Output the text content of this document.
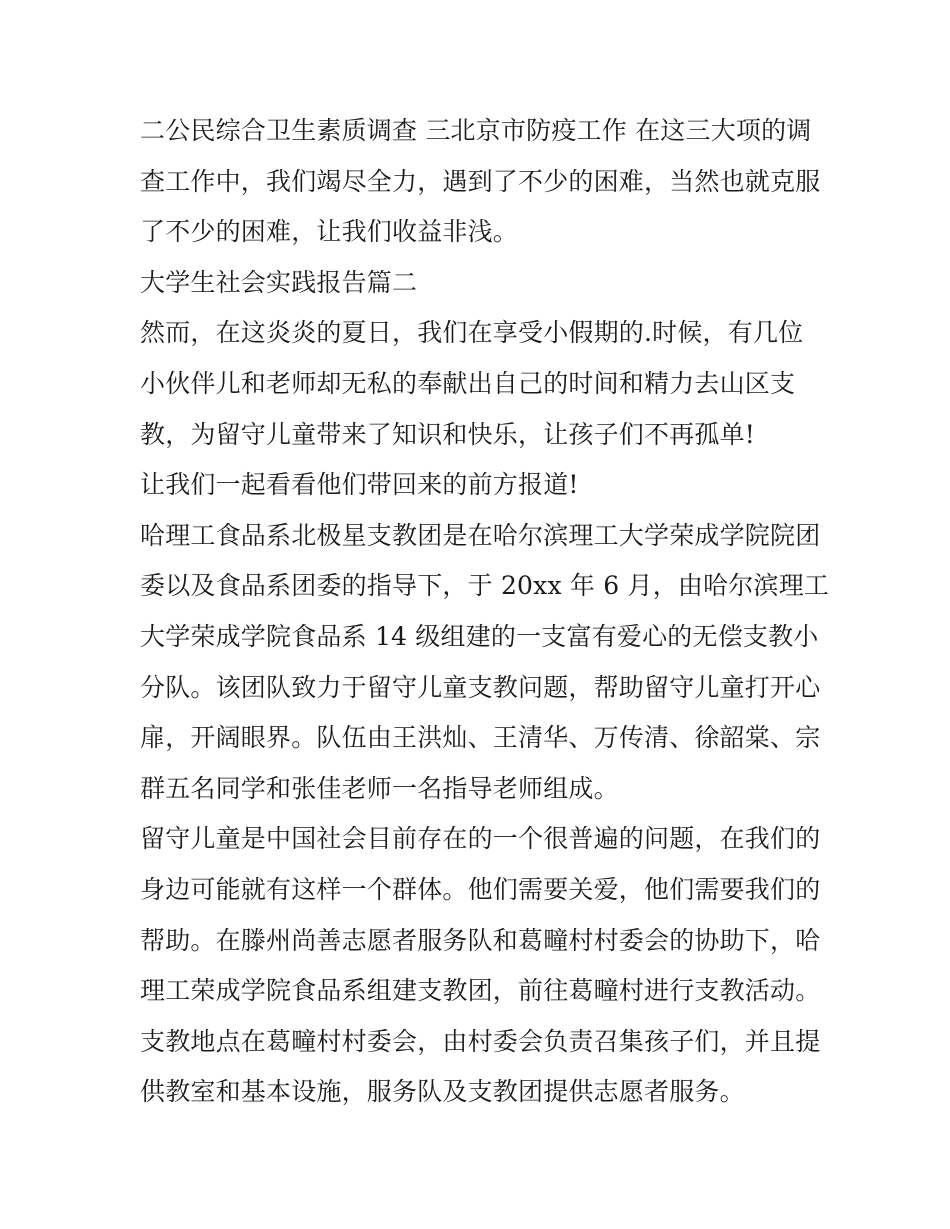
二公民综合卫生素质调查 三北京市防疫工作 在这三大项的调
查工作中，我们竭尽全力，遇到了不少的困难，当然也就克服
了不少的困难，让我们收益非浅。
大学生社会实践报告篇二
然而，在这炎炎的夏日，我们在享受小假期的.时候，有几位
小伙伴儿和老师却无私的奉献出自己的时间和精力去山区支
教，为留守儿童带来了知识和快乐，让孩子们不再孤单!
让我们一起看看他们带回来的前方报道!
哈理工食品系北极星支教团是在哈尔滨理工大学荣成学院院团
委以及食品系团委的指导下，于 20xx 年 6 月，由哈尔滨理工
大学荣成学院食品系 14 级组建的一支富有爱心的无偿支教小
分队。该团队致力于留守儿童支教问题，帮助留守儿童打开心
扉，开阔眼界。队伍由王洪灿、王清华、万传清、徐韶棠、宗
群五名同学和张佳老师一名指导老师组成。
留守儿童是中国社会目前存在的一个很普遍的问题，在我们的
身边可能就有这样一个群体。他们需要关爱，他们需要我们的
帮助。在滕州尚善志愿者服务队和葛疃村村委会的协助下，哈
理工荣成学院食品系组建支教团，前往葛疃村进行支教活动。
支教地点在葛疃村村委会，由村委会负责召集孩子们，并且提
供教室和基本设施，服务队及支教团提供志愿者服务。
